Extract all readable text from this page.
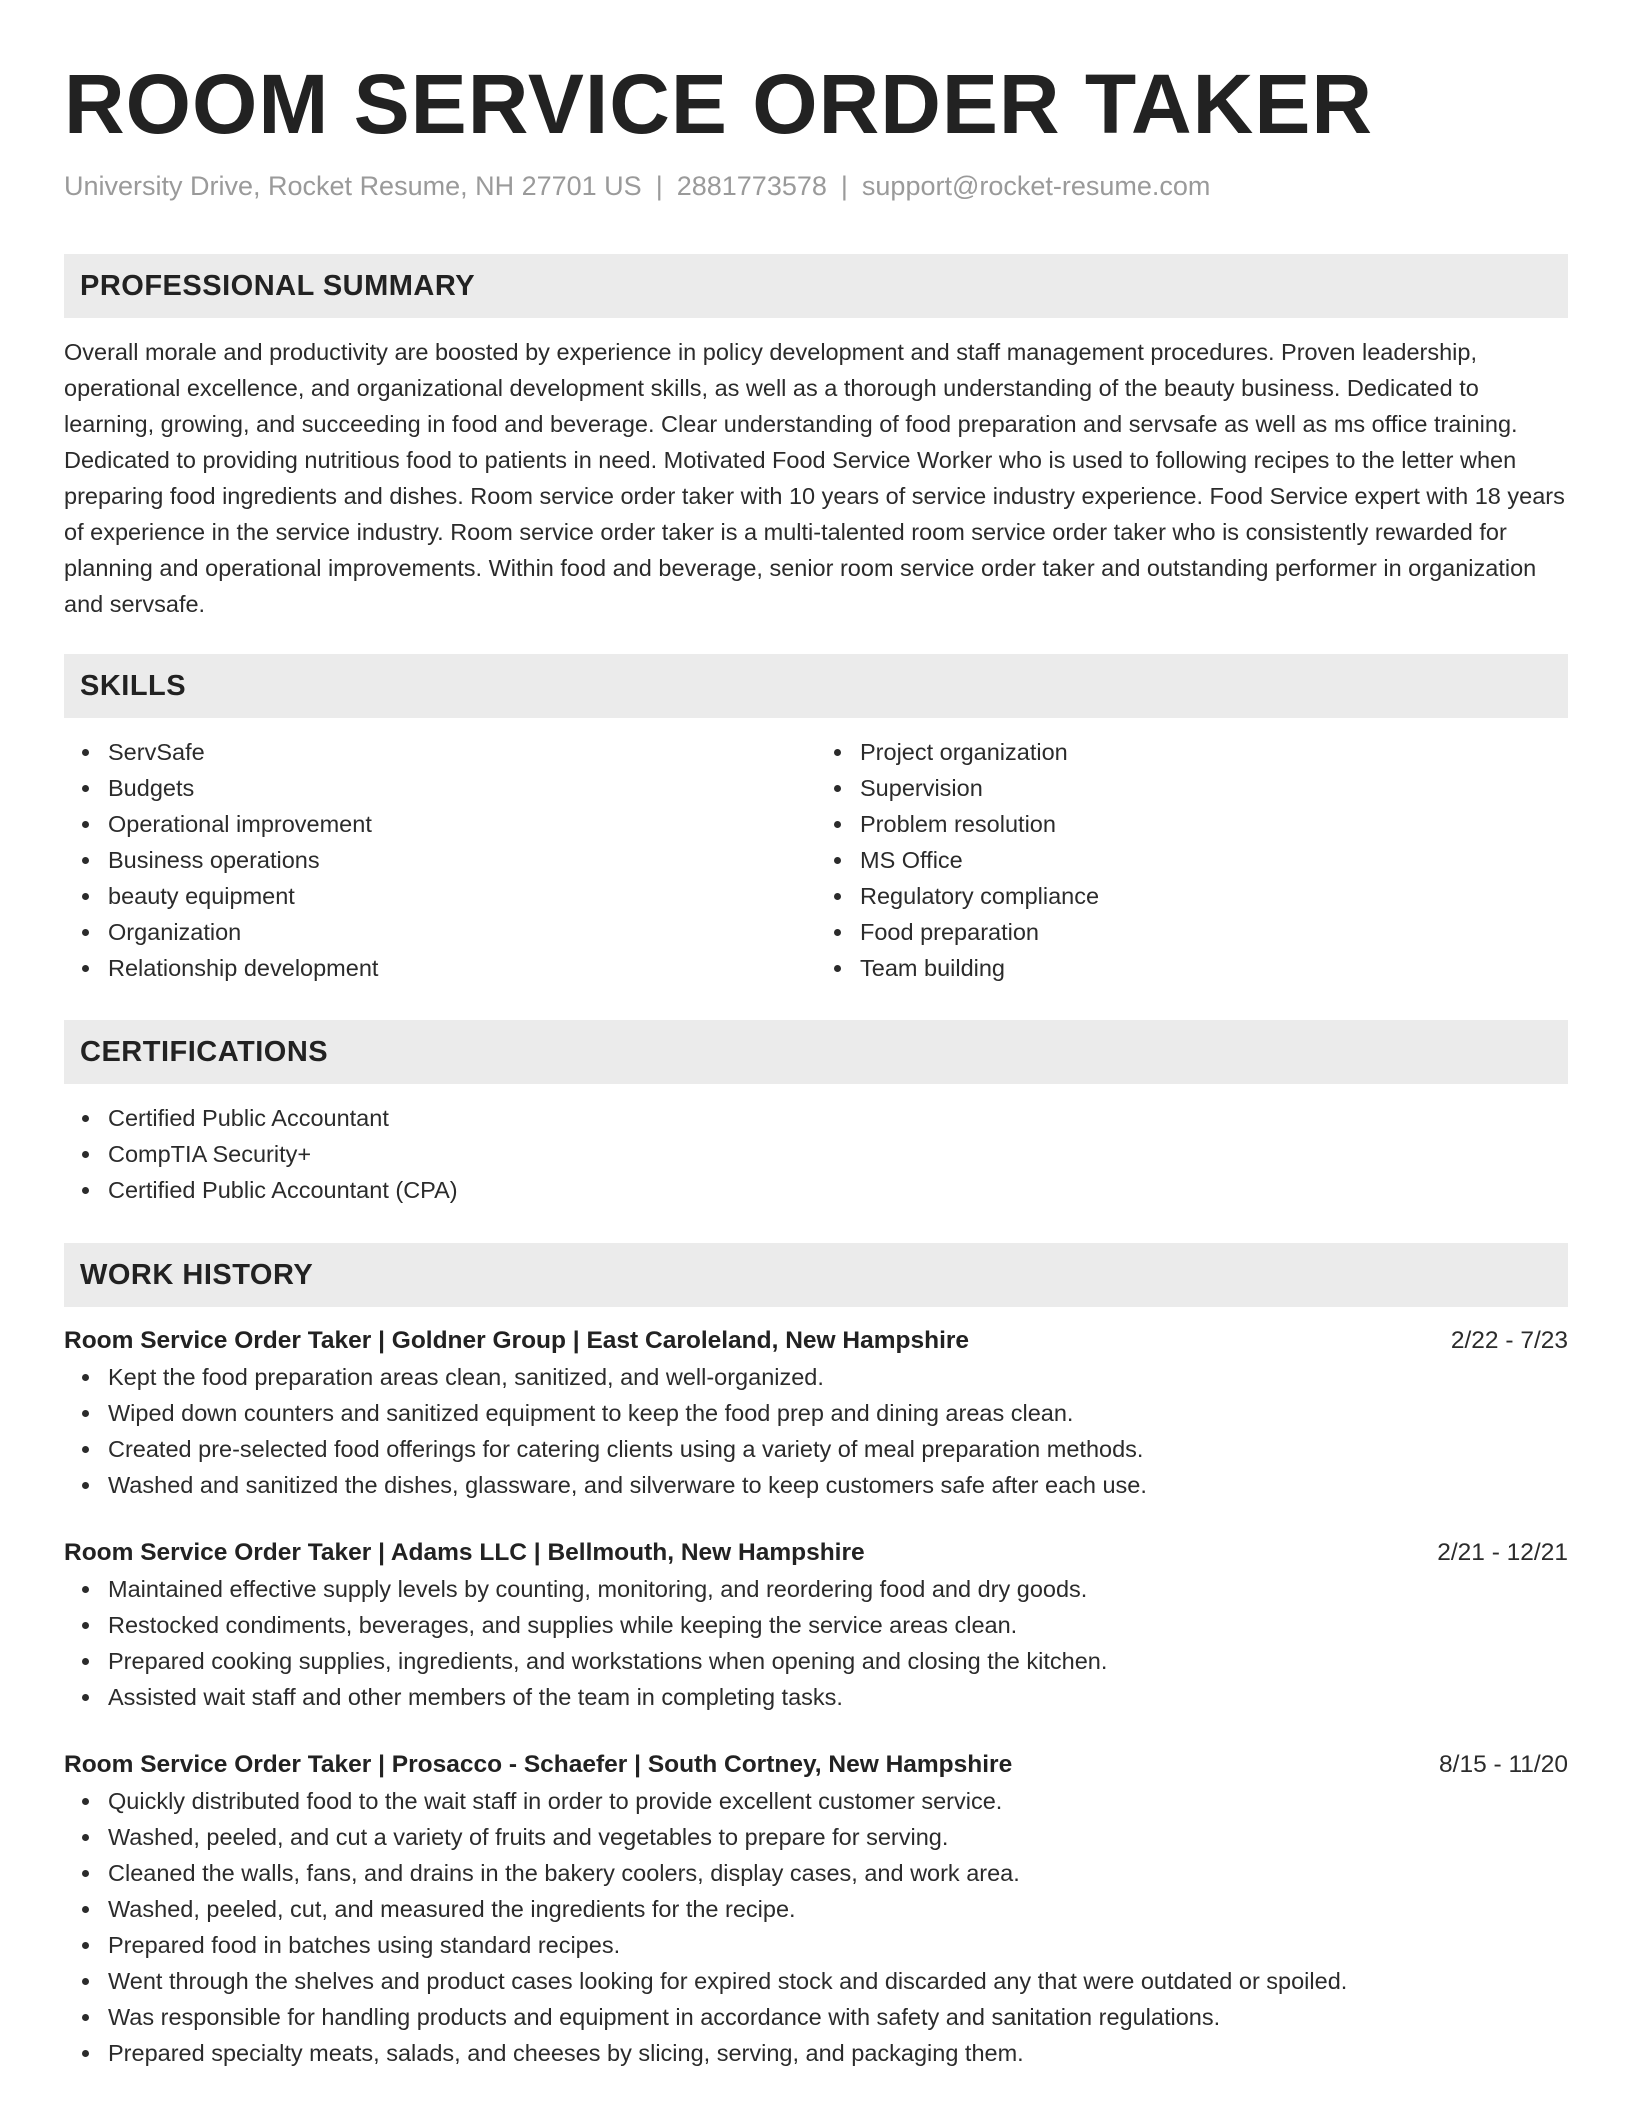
ROOM SERVICE ORDER TAKER
University Drive, Rocket Resume, NH 27701 US | 2881773578 | support@rocket-resume.com
PROFESSIONAL SUMMARY

Overall morale and productivity are boosted by experience in policy development and staff management procedures. Proven leadership, operational excellence, and organizational development skills, as well as a thorough understanding of the beauty business. Dedicated to learning, growing, and succeeding in food and beverage. Clear understanding of food preparation and servsafe as well as ms office training. Dedicated to providing nutritious food to patients in need. Motivated Food Service Worker who is used to following recipes to the letter when preparing food ingredients and dishes. Room service order taker with 10 years of service industry experience. Food Service expert with 18 years of experience in the service industry. Room service order taker is a multi-talented room service order taker who is consistently rewarded for planning and operational improvements. Within food and beverage, senior room service order taker and outstanding performer in organization and servsafe.

SKILLS
ServSafe
Budgets
Operational improvement
Business operations
beauty equipment
Organization
Relationship development
Project organization
Supervision
Problem resolution
MS Office
Regulatory compliance
Food preparation
Team building
CERTIFICATIONS
Certified Public Accountant
CompTIA Security+
Certified Public Accountant (CPA)
WORK HISTORY
Room Service Order Taker | Goldner Group | East Caroleland, New Hampshire	2/22 - 7/23
Kept the food preparation areas clean, sanitized, and well-organized.
Wiped down counters and sanitized equipment to keep the food prep and dining areas clean.
Created pre-selected food offerings for catering clients using a variety of meal preparation methods.
Washed and sanitized the dishes, glassware, and silverware to keep customers safe after each use.
Room Service Order Taker | Adams LLC | Bellmouth, New Hampshire	2/21 - 12/21
Maintained effective supply levels by counting, monitoring, and reordering food and dry goods.
Restocked condiments, beverages, and supplies while keeping the service areas clean.
Prepared cooking supplies, ingredients, and workstations when opening and closing the kitchen.
Assisted wait staff and other members of the team in completing tasks.
Room Service Order Taker | Prosacco - Schaefer | South Cortney, New Hampshire	8/15 - 11/20
Quickly distributed food to the wait staff in order to provide excellent customer service.
Washed, peeled, and cut a variety of fruits and vegetables to prepare for serving.
Cleaned the walls, fans, and drains in the bakery coolers, display cases, and work area.
Washed, peeled, cut, and measured the ingredients for the recipe.
Prepared food in batches using standard recipes.
Went through the shelves and product cases looking for expired stock and discarded any that were outdated or spoiled.
Was responsible for handling products and equipment in accordance with safety and sanitation regulations.
Prepared specialty meats, salads, and cheeses by slicing, serving, and packaging them.
